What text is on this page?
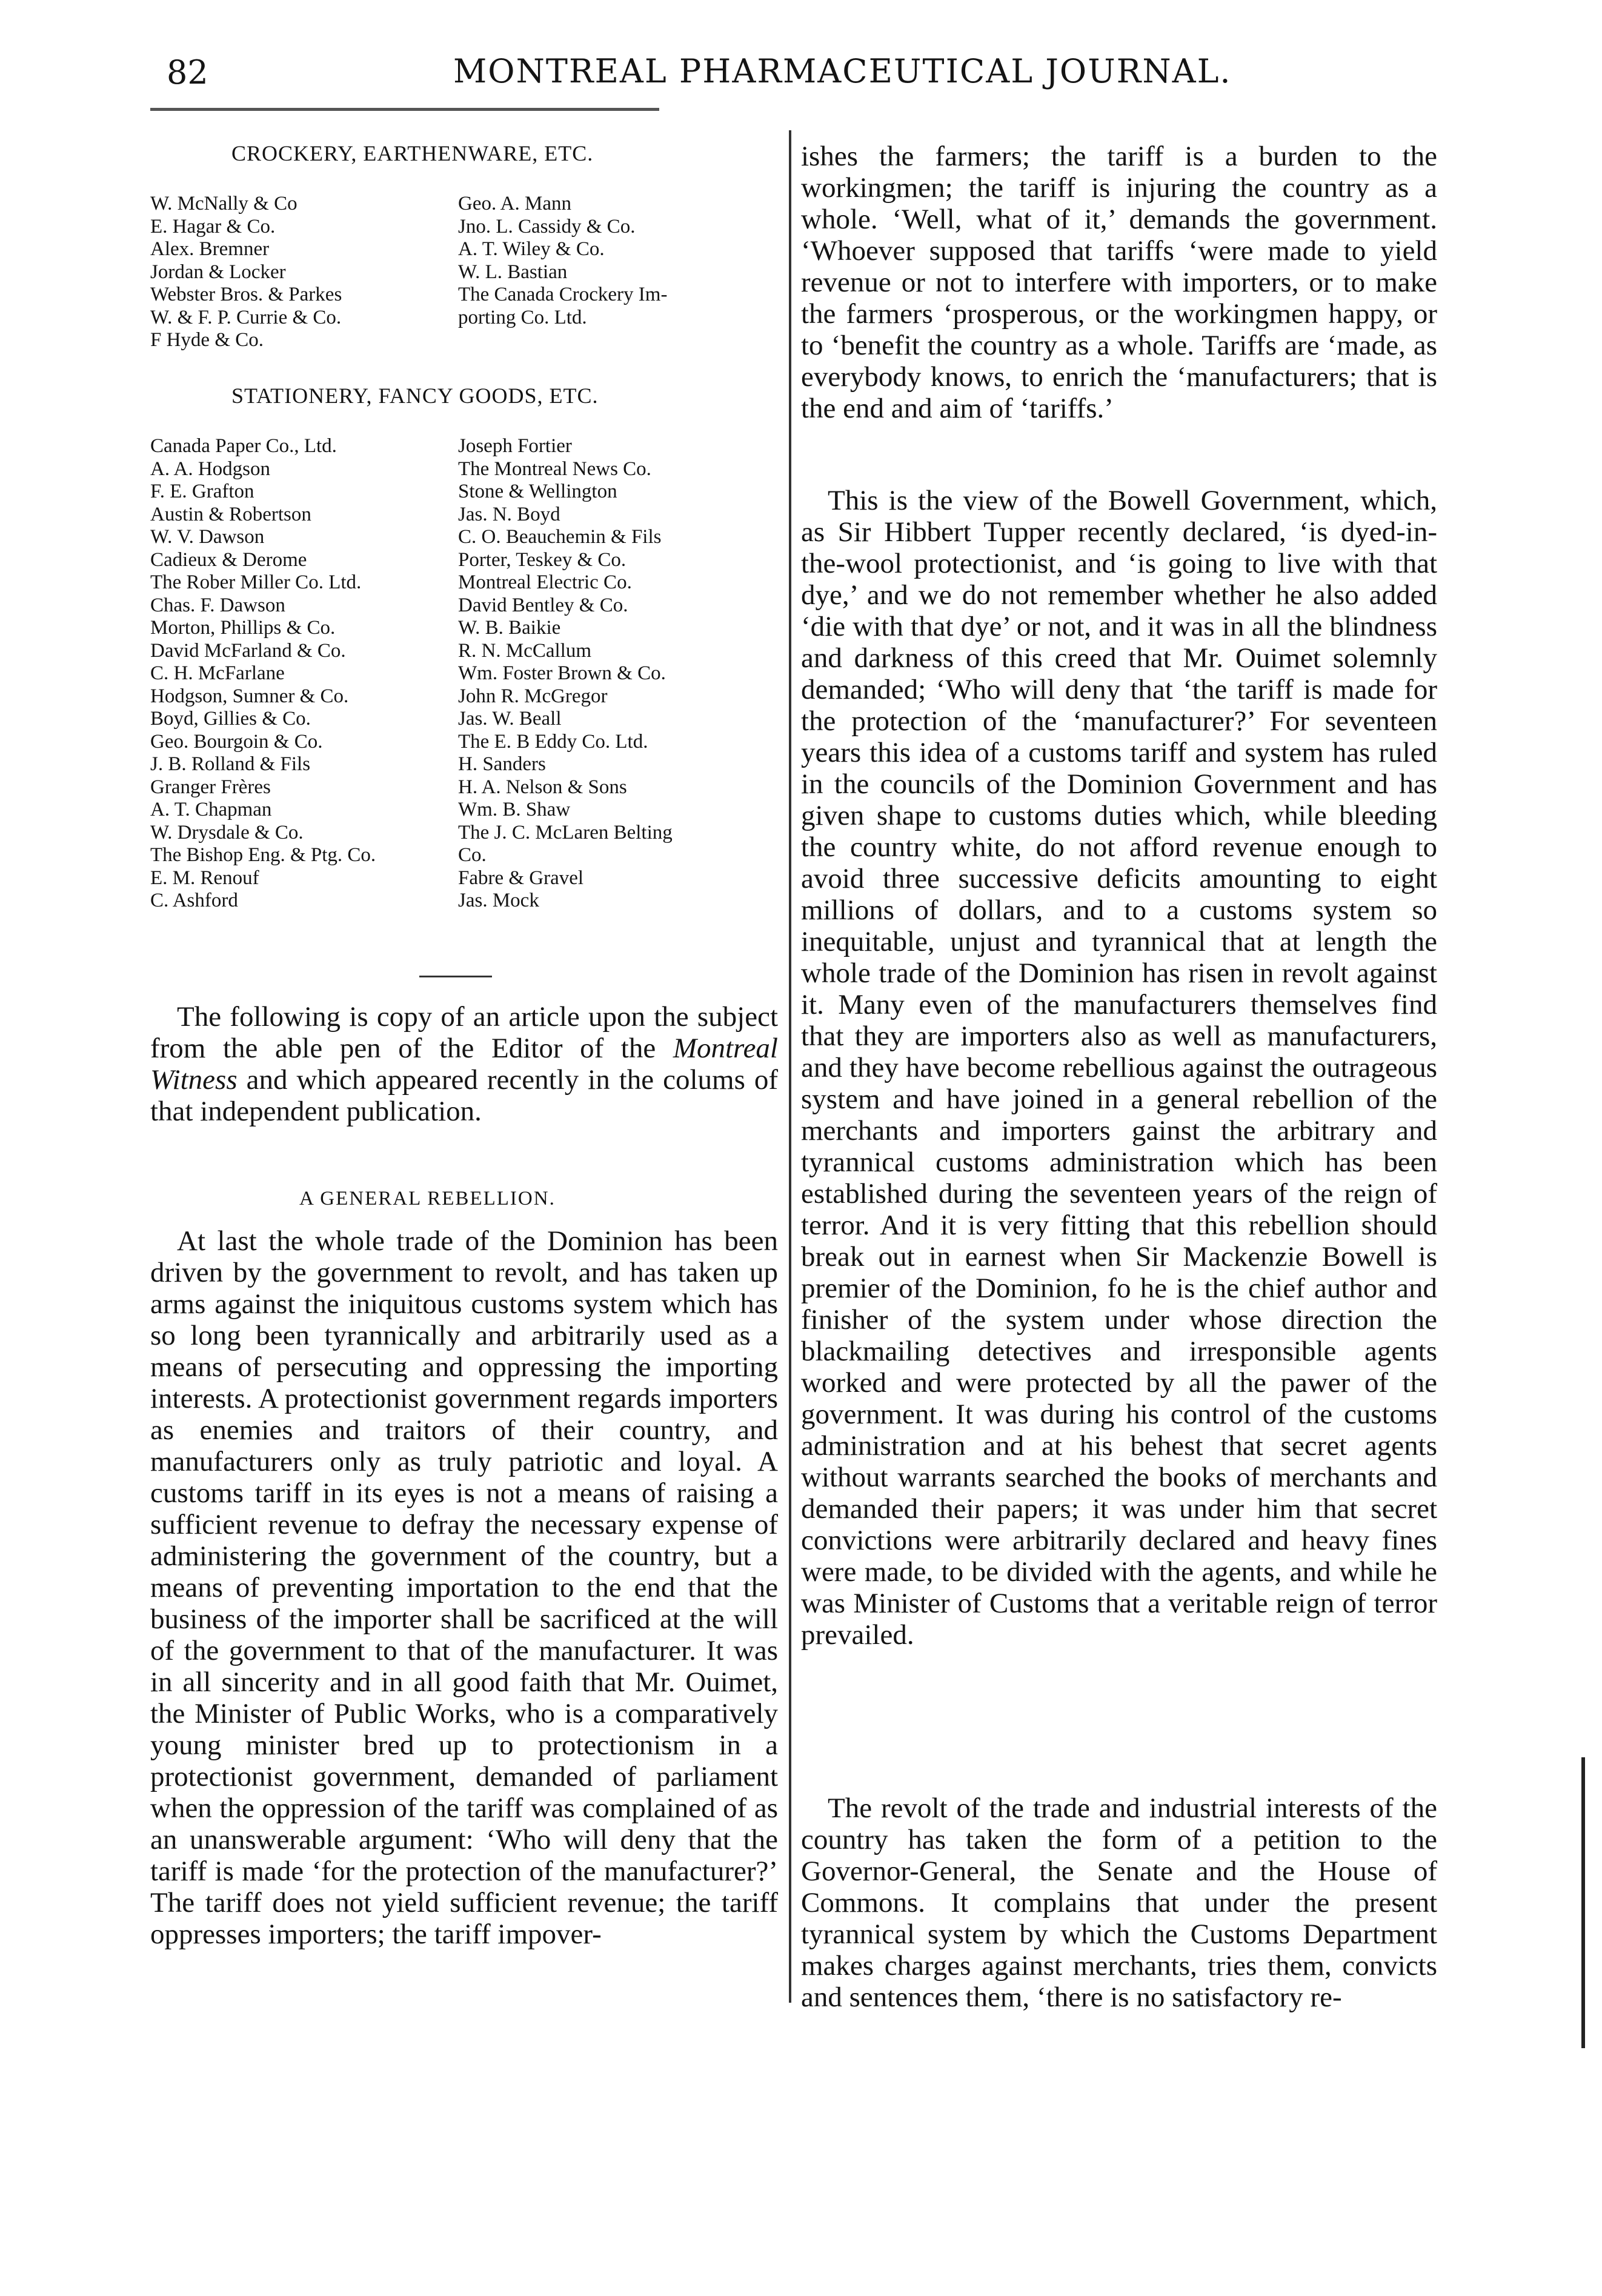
82	MONTREAL PHARMACEUTICAL JOURNAL.
CROCKERY, EARTHENWARE, ETC.
W. McNally & Co
E. Hagar & Co.
Alex. Bremner
Jordan & Locker
Webster Bros. & Parkes
W. & F. P. Currie & Co.
F Hyde & Co.
Geo. A. Mann
Jno. L. Cassidy & Co.
A. T. Wiley & Co.
W. L. Bastian
The Canada Crockery Im-
porting Co. Ltd.
STATIONERY, FANCY GOODS, ETC.
Canada Paper Co., Ltd.
A. A. Hodgson
F. E. Grafton
Austin & Robertson
W. V. Dawson
Cadieux & Derome
The Rober Miller Co. Ltd.
Chas. F. Dawson
Morton, Phillips & Co.
David McFarland & Co.
C. H. McFarlane
Hodgson, Sumner & Co.
Boyd, Gillies & Co.
Geo. Bourgoin & Co.
J. B. Rolland & Fils
Granger Frères
A. T. Chapman
W. Drysdale & Co.
The Bishop Eng. & Ptg. Co.
E. M. Renouf
C. Ashford
Joseph Fortier
The Montreal News Co.
Stone & Wellington
Jas. N. Boyd
C. O. Beauchemin & Fils
Porter, Teskey & Co.
Montreal Electric Co.
David Bentley & Co.
W. B. Baikie
R. N. McCallum
Wm. Foster Brown & Co.
John R. McGregor
Jas. W. Beall
The E. B Eddy Co. Ltd.
H. Sanders
H. A. Nelson & Sons
Wm. B. Shaw
The J. C. McLaren Belting
Co.
Fabre & Gravel
Jas. Mock

The following is copy of an article upon the subject from the able pen of the Editor of the Montreal Witness and which appeared recently in the colums of that independent publication.

A GENERAL REBELLION.

At last the whole trade of the Dominion has been driven by the government to revolt, and has taken up arms against the iniquitous customs system which has so long been tyrannically and arbitrarily used as a means of persecuting and oppressing the importing interests. A protectionist government regards importers as enemies and traitors of their country, and manufacturers only as truly patriotic and loyal. A customs tariff in its eyes is not a means of raising a sufficient revenue to defray the necessary expense of administering the government of the country, but a means of preventing importation to the end that the business of the importer shall be sacrificed at the will of the government to that of the manufacturer. It was in all sincerity and in all good faith that Mr. Ouimet, the Minister of Public Works, who is a comparatively young minister bred up to protectionism in a protectionist government, demanded of parliament when the oppression of the tariff was complained of as an unanswerable argument: ‘Who will deny that the tariff is made ‘for the protection of the manufacturer?’ The tariff does not yield sufficient revenue; the tariff oppresses importers; the tariff impover-

ishes the farmers; the tariff is a burden to the workingmen; the tariff is injuring the country as a whole. ‘Well, what of it,’ demands the government. ‘Whoever supposed that tariffs ‘were made to yield revenue or not to interfere with importers, or to make the farmers ‘prosperous, or the workingmen happy, or to ‘benefit the country as a whole. Tariffs are ‘made, as everybody knows, to enrich the ‘manufacturers; that is the end and aim of ‘tariffs.’

This is the view of the Bowell Government, which, as Sir Hibbert Tupper recently declared, ‘is dyed-in-the-wool protectionist, and ‘is going to live with that dye,’ and we do not remember whether he also added ‘die with that dye’ or not, and it was in all the blindness and darkness of this creed that Mr. Ouimet solemnly demanded; ‘Who will deny that ‘the tariff is made for the protection of the ‘manufacturer?’ For seventeen years this idea of a customs tariff and system has ruled in the councils of the Dominion Government and has given shape to customs duties which, while bleeding the country white, do not afford revenue enough to avoid three successive deficits amounting to eight millions of dollars, and to a customs system so inequitable, unjust and tyrannical that at length the whole trade of the Dominion has risen in revolt against it. Many even of the manufacturers themselves find that they are importers also as well as manufacturers, and they have become rebellious against the outrageous system and have joined in a general rebellion of the merchants and importers gainst the arbitrary and tyrannical customs administration which has been established during the seventeen years of the reign of terror. And it is very fitting that this rebellion should break out in earnest when Sir Mackenzie Bowell is premier of the Dominion, fo he is the chief author and finisher of the system under whose direction the blackmailing detectives and irresponsible agents worked and were protected by all the pawer of the government. It was during his control of the customs administration and at his behest that secret agents without warrants searched the books of merchants and demanded their papers; it was under him that secret convictions were arbitrarily declared and heavy fines were made, to be divided with the agents, and while he was Minister of Customs that a veritable reign of terror prevailed.

The revolt of the trade and industrial interests of the country has taken the form of a petition to the Governor-General, the Senate and the House of Commons. It complains that under the present tyrannical system by which the Customs Department makes charges against merchants, tries them, convicts and sentences them, ‘there is no satisfactory re-
